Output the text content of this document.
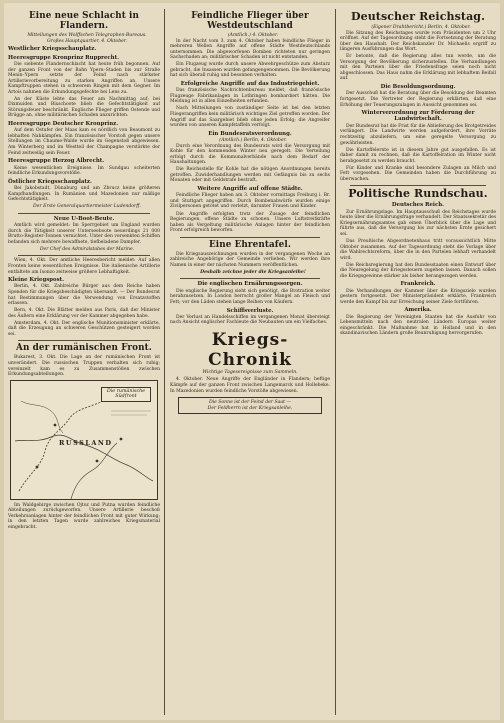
Eine neue Schlacht in Flandern.

Mitteilungen des Wolffschen Telegraphen-Bureaus.

Großes Hauptquartier, 4. Oktober.

Westlicher Kriegsschauplatz.
Heeresgruppe Kronprinz Rupprecht.

Die siebente Flandernschlacht hat heute früh begonnen. Auf der ganzen Front von der Bahn Ypern–Staden bis zur Straße Menin–Ypern setzte der Feind nach stärkster Artillerievorbereitung zu starken Angriffen an. Unsere Kampftruppen stehen in schwerem Ringen mit dem Gegner. Im Artois nahmen die Erkundungsgefechte bei Lens zu.

An der Küste lebte das Feuer am Nachmittag auf; bei Dixmuiden und Bixschoote blieb die Gefechtstätigkeit auf Störungsfeuer beschränkt. Englische Flieger griffen Ostende und Brügge an, ohne militärischen Schaden anzurichten.

Heeresgruppe Deutscher Kronprinz.

Auf dem Ostufer der Maas kam es nördlich von Beaumont zu lebhaften Nahkämpfen. Ein französischer Vorstoß gegen unsere Stellungen im Chaume-Walde wurde im Gegenstoß abgewiesen. Am Winterberg und im Westteil der Champagne verstärkte der Feind zeitweilig sein Feuer.

Heeresgruppe Herzog Albrecht.

Keine wesentlichen Ereignisse. Im Sundgau scheiterten feindliche Erkundungsvorstöße.

Östlicher Kriegsschauplatz.

Bei Jakobstadt, Dünaburg und am Zbrucz keine größeren Kampfhandlungen. In Rumänien und Mazedonien nur mäßige Gefechtstätigkeit.

Der Erste Generalquartiermeister Ludendorff.

Neue U-Boot-Beute.

Amtlich wird gemeldet: Im Sperrgebiet um England wurden durch die Tätigkeit unserer Unterseeboote neuerdings 21 000 Brutto-Register-Tonnen vernichtet. Unter den versenkten Schiffen befanden sich mehrere bewaffnete, tiefbeladene Dampfer.

Der Chef des Admiralstabes der Marine.

Wien, 4. Okt. Der amtliche Heeresbericht meldet: Auf allen Fronten keine wesentlichen Ereignisse. Die italienische Artillerie entfaltete am Isonzo zeitweise größere Lebhaftigkeit.

Kleine Kriegspost.

Berlin, 4. Okt. Zahlreiche Bürger aus dem Reiche haben Spenden für die Kriegsbeschädigten übersandt. — Der Bundesrat hat Bestimmungen über die Verwendung von Ersatzstoffen erlassen.

Bern, 4. Okt. Die Blätter melden aus Paris, daß der Minister des Äußern eine Erklärung vor der Kammer abgegeben habe.

Amsterdam, 4. Okt. Der englische Munitionsminister erklärte, daß die Erzeugung an schweren Geschützen gesteigert worden sei.

An der rumänischen Front.

Bukarest, 3. Okt. Die Lage an der rumänischen Front ist unverändert. Die russischen Truppen verhalten sich ruhig; vereinzelt kam es zu Zusammenstößen zwischen Erkundungsabteilungen.

Die rumänische Südfront
RUSSLAND

Im Waldgebirge zwischen Ojtoz und Putna wurden feindliche Abteilungen zurückgeworfen. Unsere Artillerie beschoß Verkehrsanlagen hinter der feindlichen Front mit guter Wirkung; in den letzten Tagen wurde zahlreiches Kriegsmaterial eingebracht.

Feindliche Flieger über Westdeutschland

(Amtlich.) 4. Oktober.

In der Nacht vom 3. zum 4. Oktober haben feindliche Flieger in mehreren Wellen Angriffe auf offene Städte Westdeutschlands unternommen. Die abgeworfenen Bomben richteten nur geringen Sachschaden an; militärischer Schaden ist nicht entstanden.

Ein Flugzeug wurde durch unsere Abwehrgeschütze zum Absturz gebracht, die Insassen wurden gefangengenommen. Die Bevölkerung hat sich überall ruhig und besonnen verhalten.

Erfolgreiche Angriffe auf das Industriegebiet.

Das französische Nachrichtenbureau meldet, daß französische Flugzeuge Fabrikanlagen in Lothringen bombardiert hätten. Die Meldung ist in allen Einzelheiten erfunden.

Nach Mitteilungen von zuständiger Seite ist bei den letzten Fliegerangriffen kein militärisch wichtiges Ziel getroffen worden. Der Angriff auf das Saargebiet blieb ohne jeden Erfolg; die Angreifer wurden von unseren Kampfstaffeln verfolgt.

Ein Bundesratsverordnung.

(Amtlich.) Berlin, 4. Oktober.

Durch eine Verordnung des Bundesrats wird die Versorgung mit Kohle für den kommenden Winter neu geregelt. Die Verteilung erfolgt durch die Kommunalverbände nach dem Bedarf der Haushaltungen.

Die Reichsstelle für Kohle hat die nötigen Anordnungen bereits getroffen. Zuwiderhandlungen werden mit Gefängnis bis zu sechs Monaten oder mit Geldstrafe bestraft.

Weitere Angriffe auf offene Städte.

Feindliche Flieger haben am 3. Oktober vormittags Freiburg i. Br. und Stuttgart angegriffen. Durch Bombenabwürfe wurden einige Zivilpersonen getötet und verletzt, darunter Frauen und Kinder.

Die Angriffe erfolgten trotz der Zusage der feindlichen Regierungen, offene Städte zu schonen. Unsere Luftstreitkräfte haben als Vergeltung militärische Anlagen hinter der feindlichen Front erfolgreich beworfen.

Eine Ehrentafel.

Die Kriegsauszeichnungen wurden in der vergangenen Woche an zahlreiche Angehörige der Gemeinde verliehen. Wir werden ihre Namen in einer der nächsten Nummern veröffentlichen.

Deshalb zeichne jeder die Kriegsanleihe!

Die englischen Ernährungssorgen.

Die englische Regierung sieht sich genötigt, die Brotration weiter herabzusetzen. In London herrscht großer Mangel an Fleisch und Fett; vor den Läden stehen lange Reihen von Käufern.

Schiffsverluste.

Der Verlust an Handelsschiffen im vergangenen Monat übersteigt nach Ansicht englischer Fachleute die Neubauten um ein Vielfaches.

Kriegs-Chronik
Wichtige Tagesereignisse zum Sammeln.

4. Oktober. Neue Angriffe der Engländer in Flandern; heftige Kämpfe auf der ganzen Front zwischen Langemarck und Hollebeke. In Mazedonien wurden feindliche Vorstöße abgewiesen.

Die Sonne ist der Feind der Saat —
Der Feldherrn ist der Kriegsanleihe.
Deutscher Reichstag.

(Eigener Drahtbericht.) Berlin, 4. Oktober.

Die Sitzung des Reichstages wurde vom Präsidenten um 2 Uhr eröffnet. Auf der Tagesordnung steht die Fortsetzung der Beratung über den Haushalt. Der Reichskanzler Dr. Michaelis ergriff zu längeren Ausführungen das Wort.

Er betonte, daß die Regierung alles tun werde, um die Versorgung der Bevölkerung sicherzustellen. Die Verhandlungen mit den Parteien über die Friedensfrage seien noch nicht abgeschlossen. Das Haus nahm die Erklärung mit lebhaftem Beifall auf.

Die Besoldungsordnung.

Der Ausschuß hat die Beratung über die Besoldung der Beamten fortgesetzt. Die Vertreter der Regierung erklärten, daß eine Erhöhung der Teuerungszulagen in Aussicht genommen sei.

Winterverordnung zur Förderung der Landwirtschaft.

Der Bundesrat hat die Frist für die Ablieferung des Brotgetreides verlängert. Die Landwirte werden aufgefordert, ihre Vorräte rechtzeitig abzuliefern, um eine geregelte Versorgung zu gewährleisten.

Die Kartoffelernte ist in diesem Jahre gut ausgefallen. Es ist daher damit zu rechnen, daß die Kartoffelration im Winter nicht herabgesetzt zu werden braucht.

Für Kinder und Kranke sind besondere Zulagen an Milch und Fett vorgesehen. Die Gemeinden haben die Durchführung zu überwachen.

Politische Rundschau.
Deutsches Reich.

Zur Ernährungslage. Im Hauptausschuß des Reichstages wurde heute über die Ernährungsfrage verhandelt. Der Staatssekretär des Kriegsernährungsamtes gab einen Überblick über die Lage und führte aus, daß die Versorgung bis zur nächsten Ernte gesichert sei.

Das Preußische Abgeordnetenhaus tritt voraussichtlich Mitte Oktober zusammen. Auf der Tagesordnung steht die Vorlage über die Wahlrechtsreform, über die in den Parteien lebhaft verhandelt wird.

Die Reichsregierung hat den Bundesstaaten einen Entwurf über die Neuregelung der Kriegssteuern zugehen lassen. Danach sollen die Kriegsgewinne stärker als bisher herangezogen werden.

Frankreich.

Die Verhandlungen der Kammer über die Kriegsziele wurden gestern fortgesetzt. Der Ministerpräsident erklärte, Frankreich werde den Kampf bis zur Erreichung seiner Ziele fortführen.

Amerika.

Die Regierung der Vereinigten Staaten hat die Ausfuhr von Lebensmitteln nach den neutralen Ländern Europas weiter eingeschränkt. Die Maßnahme hat in Holland und in den skandinavischen Ländern große Beunruhigung hervorgerufen.
